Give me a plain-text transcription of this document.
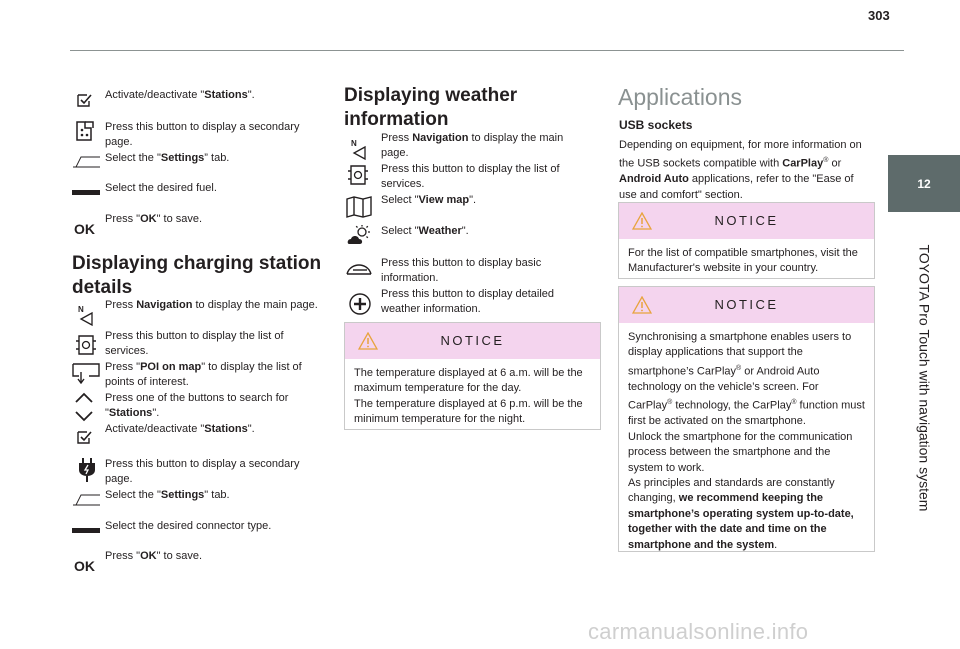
303
12
TOYOTA Pro Touch with navigation system
carmanualsonline.info
Activate/deactivate "Stations".
Press this button to display a secondary page.
Select the "Settings” tab.
Select the desired fuel.
OK
Press "OK" to save.
Displaying charging station details
N Press Navigation to display the main page.
Press this button to display the list of services.
Press "POI on map" to display the list of points of interest.
Press one of the buttons to search for "Stations".
Activate/deactivate "Stations".
Press this button to display a secondary page.
Select the "Settings" tab.
Select the desired connector type.
OK
Press "OK" to save.
Displaying weather information
N Press Navigation to display the main page.
Press this button to display the list of services.
Select "View map".
Select "Weather".
Press this button to display basic information.
Press this button to display detailed weather information.
NOTICE
The temperature displayed at 6 a.m. will be the maximum temperature for the day.
The temperature displayed at 6 p.m. will be the minimum temperature for the night.
Applications
USB sockets
Depending on equipment, for more information on the USB sockets compatible with CarPlay® or Android Auto applications, refer to the "Ease of use and comfort" section.
NOTICE
For the list of compatible smartphones, visit the Manufacturer's website in your country.
NOTICE
Synchronising a smartphone enables users to display applications that support the smartphone’s CarPlay® or Android Auto technology on the vehicle’s screen. For CarPlay® technology, the CarPlay® function must first be activated on the smartphone.
Unlock the smartphone for the communication process between the smartphone and the system to work.
As principles and standards are constantly changing, we recommend keeping the smartphone’s operating system up-to-date, together with the date and time on the smartphone and the system.
